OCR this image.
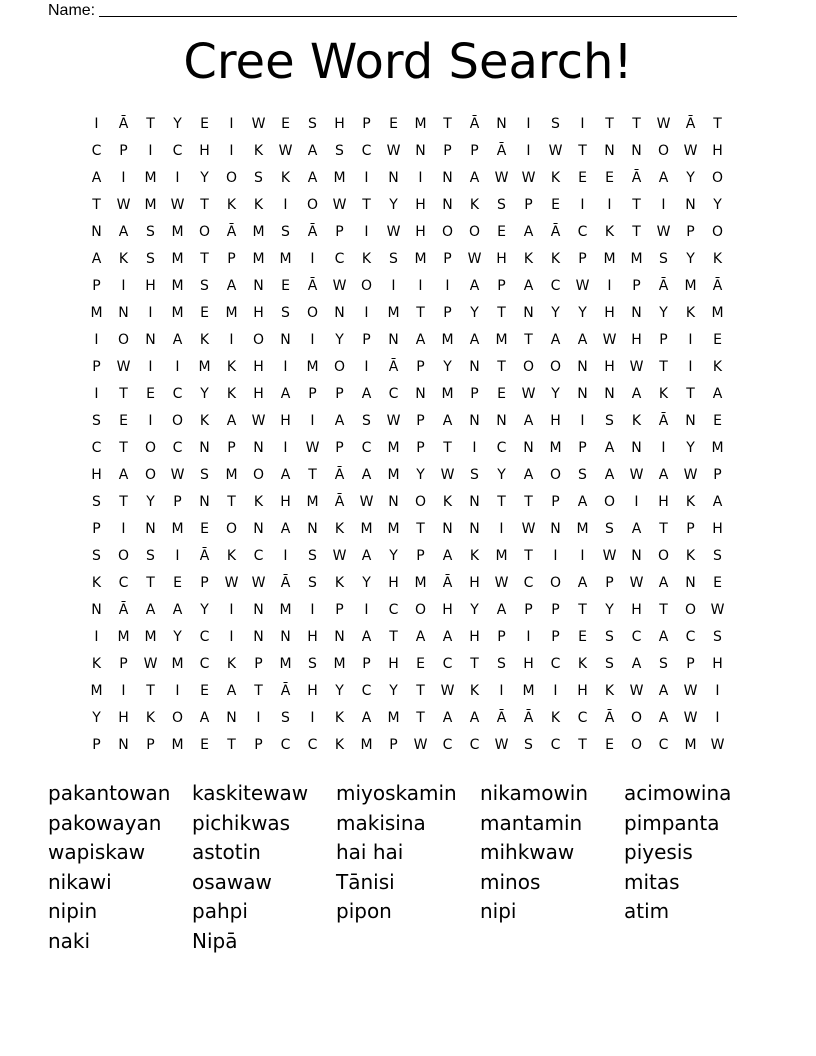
Name:
Cree Word Search!
I	Ā	T	Y	E	I	W	E	S	H	P	E	M	T	Ā	N	I	S	I	T	T	W	Ā	T
C	P	I	C	H	I	K	W	A	S	C	W	N	P	P	Ā	I	W	T	N	N	O	W	H
A	I	M	I	Y	O	S	K	A	M	I	N	I	N	A	W W	K	E	E	Ā	A	Y	O
T	W	M	W	T	K	K	I	O	W	T	Y	H	N	K	S	P	E	I	I	T	I	N	Y
N	A	S	M	O	Ā	M	S	Ā	P	I	W	H	O	O	E	A	Ā	C	K	T	W	P	O
A	K	S	M	T	P	M	M	I	C	K	S	M	P	W	H	K	K	P	M	M	S	Y	K
P	I	H	M	S	A	N	E	Ā	W	O	I	I	I	A	P	A	C	W	I	P	Ā	M	Ā
M	N	I	M	E	M	H	S	O	N	I	M	T	P	Y	T	N	Y	Y	H	N	Y	K	M
I	O	N	A	K	I	O	N	I	Y	P	N	A	M	A	M	T	A	A	W	H	P	I	E
P	W	I	I	M	K	H	I	M	O	I	Ā	P	Y	N	T	O	O	N	H	W	T	I	K
I	T	E	C	Y	K	H	A	P	P	A	C	N	M	P	E	W	Y	N	N	A	K	T	A
S	E	I	O	K	A	W	H	I	A	S	W	P	A	N	N	A	H	I	S	K	Ā	N	E
C	T	O	C	N	P	N	I	W	P	C	M	P	T	I	C	N	M	P	A	N	I	Y	M
H	A	O	W	S	M	O	A	T	Ā	A	M	Y	W	S	Y	A	O	S	A	W	A	W	P
S	T	Y	P	N	T	K	H	M	Ā	W	N	O	K	N	T	T	P	A	O	I	H	K	A
P	I	N	M	E	O	N	A	N	K	M	M	T	N	N	I	W	N	M	S	A	T	P	H
S	O	S	I	Ā	K	C	I	S	W	A	Y	P	A	K	M	T	I	I	W	N	O	K	S
K	C	T	E	P	W W	Ā	S	K	Y	H	M	Ā	H	W	C	O	A	P	W	A	N	E
N	Ā	A	A	Y	I	N	M	I	P	I	C	O	H	Y	A	P	P	T	Y	H	T	O	W
I	M	M	Y	C	I	N	N	H	N	A	T	A	A	H	P	I	P	E	S	C	A	C	S
K	P	W	M	C	K	P	M	S	M	P	H	E	C	T	S	H	C	K	S	A	S	P	H
M	I	T	I	E	A	T	Ā	H	Y	C	Y	T	W	K	I	M	I	H	K	W	A	W	I
Y	H	K	O	A	N	I	S	I	K	A	M	T	A	A	Ā	Ā	K	C	Ā	O	A	W	I
P	N	P	M	E	T	P	C	C	K	M	P	W	C	C	W	S	C	T	E	O	C	M	W
pakantowan	kaskitewaw	miyoskamin	nikamowin	acimowina
pakowayan	pichikwas	makisina	mantamin	pimpanta
wapiskaw	astotin	hai hai	mihkwaw	piyesis
nikawi	osawaw	Tānisi	minos	mitas
nipin	pahpi	pipon	nipi	atim
naki	Nipā
